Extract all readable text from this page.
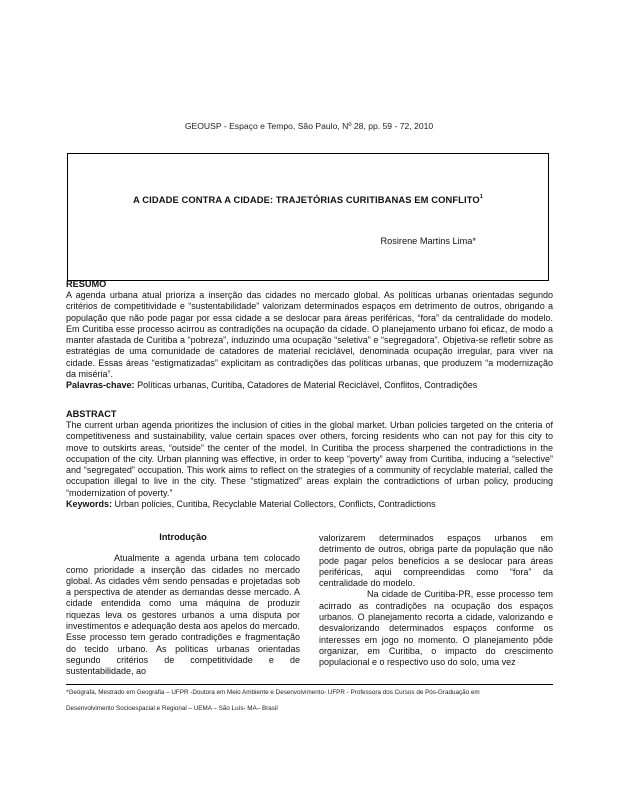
GEOUSP - Espaço e Tempo, São Paulo, Nº 28, pp. 59 - 72, 2010
A CIDADE CONTRA A CIDADE: TRAJETÓRIAS CURITIBANAS EM CONFLITO$^1$
Rosirene Martins Lima*
RESUMO
A agenda urbana atual prioriza a inserção das cidades no mercado global. As políticas urbanas orientadas segundo critérios de competitividade e “sustentabilidade” valorizam determinados espaços em detrimento de outros, obrigando a população que não pode pagar por essa cidade a se deslocar para áreas periféricas, “fora” da centralidade do modelo. Em Curitiba esse processo acirrou as contradições na ocupação da cidade. O planejamento urbano foi eficaz, de modo a manter afastada de Curitiba a “pobreza”, induzindo uma ocupação “seletiva” e “segregadora”. Objetiva-se refletir sobre as estratégias de uma comunidade de catadores de material reciclável, denominada ocupação irregular, para viver na cidade. Essas áreas “estigmatizadas” explicitam as contradições das políticas urbanas, que produzem “a modernização da miséria”.
Palavras-chave: Políticas urbanas, Curitiba, Catadores de Material Reciclável, Conflitos, Contradições
ABSTRACT
The current urban agenda prioritizes the inclusion of cities in the global market. Urban policies targeted on the criteria of competitiveness and sustainability, value certain spaces over others, forcing residents who can not pay for this city to move to outskirts areas, “outside” the center of the model. In Curitiba the process sharpened the contradictions in the occupation of the city. Urban planning was effective, in order to keep “poverty” away from Curitiba, inducing a “selective” and “segregated” occupation. This work aims to reflect on the strategies of a community of recyclable material, called the occupation illegal to live in the city. These “stigmatized” areas explain the contradictions of urban policy, producing “modernization of poverty.”
Keywords: Urban policies, Curitiba, Recyclable Material Collectors, Conflicts, Contradictions

Introdução

Atualmente a agenda urbana tem colocado como prioridade a inserção das cidades no mercado global. As cidades vêm sendo pensadas e projetadas sob a perspectiva de atender as demandas desse mercado. A cidade entendida como uma máquina de produzir riquezas leva os gestores urbanos a uma disputa por investimentos e adequação desta aos apelos do mercado. Esse processo tem gerado contradições e fragmentação do tecido urbano. As políticas urbanas orientadas segundo critérios de competitividade e de sustentabilidade, ao

valorizarem determinados espaços urbanos em detrimento de outros, obriga parte da população que não pode pagar pelos benefícios a se deslocar para áreas periféricas, aqui compreendidas como “fora” da centralidade do modelo.

Na cidade de Curitiba-PR, esse processo tem acirrado as contradições na ocupação dos espaços urbanos. O planejamento recorta a cidade, valorizando e desvalorizando determinados espaços conforme os interesses em jogo no momento. O planejamento pôde organizar, em Curitiba, o impacto do crescimento populacional e o respectivo uso do solo, uma vez

*Geógrafa, Mestrado em Geografia – UFPR -Doutora em Meio Ambiente e Desenvolvimento- UFPR - Professora dos Cursos de Pós-Graduação em
Desenvolvimento Socioespacial e Regional – UEMA – São Luís- MA– Brasil
